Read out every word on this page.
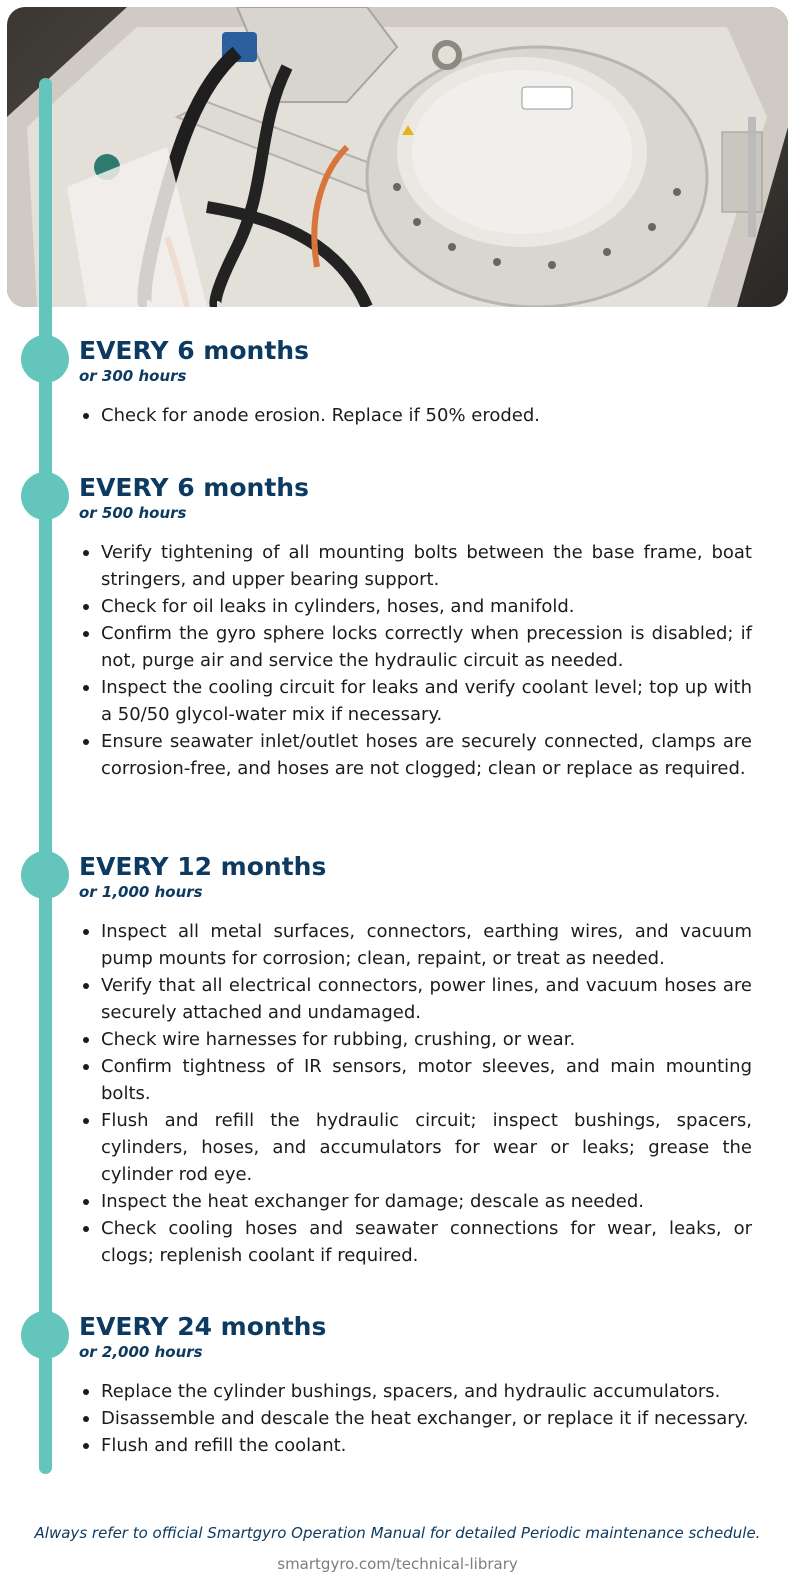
EVERY 6 months

or 300 hours

Check for anode erosion. Replace if 50% eroded.
EVERY 6 months

or 500 hours

Verify tightening of all mounting bolts between the base frame, boat stringers, and upper bearing support.
Check for oil leaks in cylinders, hoses, and manifold.
Confirm the gyro sphere locks correctly when precession is disabled; if not, purge air and service the hydraulic circuit as needed.
Inspect the cooling circuit for leaks and verify coolant level; top up with a 50/50 glycol-water mix if necessary.
Ensure seawater inlet/outlet hoses are securely connected, clamps are corrosion-free, and hoses are not clogged; clean or replace as required.
EVERY 12 months

or 1,000 hours

Inspect all metal surfaces, connectors, earthing wires, and vacuum pump mounts for corrosion; clean, repaint, or treat as needed.
Verify that all electrical connectors, power lines, and vacuum hoses are securely attached and undamaged.
Check wire harnesses for rubbing, crushing, or wear.
Confirm tightness of IR sensors, motor sleeves, and main mounting bolts.
Flush and refill the hydraulic circuit; inspect bushings, spacers, cylinders, hoses, and accumulators for wear or leaks; grease the cylinder rod eye.
Inspect the heat exchanger for damage; descale as needed.
Check cooling hoses and seawater connections for wear, leaks, or clogs; replenish coolant if required.
EVERY 24 months

or 2,000 hours

Replace the cylinder bushings, spacers, and hydraulic accumulators.
Disassemble and descale the heat exchanger, or replace it if necessary.
Flush and refill the coolant.

Always refer to official Smartgyro Operation Manual for detailed Periodic maintenance schedule.

smartgyro.com/technical-library
